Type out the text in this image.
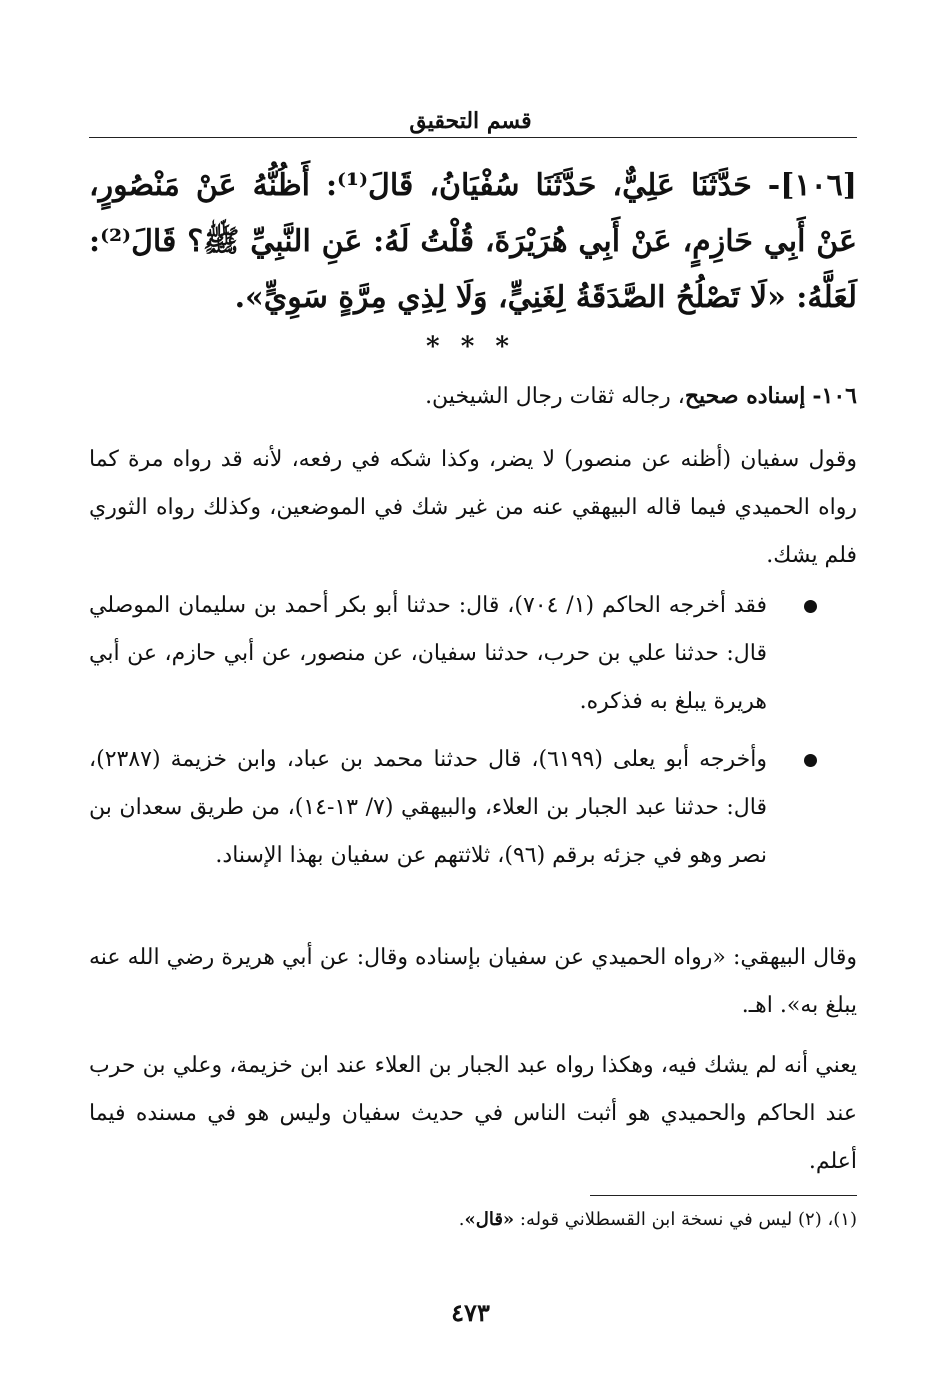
قسم التحقيق
[١٠٦]- حَدَّثَنَا عَلِيٌّ، حَدَّثَنَا سُفْيَانُ، قَالَ⁽¹⁾: أَظُنُّهُ عَنْ مَنْصُورٍ، عَنْ أَبِي حَازِمٍ، عَنْ أَبِي هُرَيْرَةَ، قُلْتُ لَهُ: عَنِ النَّبِيِّ ﷺ؟ قَالَ⁽²⁾: لَعَلَّهُ: «لَا تَصْلُحُ الصَّدَقَةُ لِغَنِيٍّ، وَلَا لِذِي مِرَّةٍ سَوِيٍّ».
* * *
١٠٦- إسناده صحيح، رجاله ثقات رجال الشيخين.
وقول سفيان (أظنه عن منصور) لا يضر، وكذا شكه في رفعه، لأنه قد رواه مرة كما رواه الحميدي فيما قاله البيهقي عنه من غير شك في الموضعين، وكذلك رواه الثوري فلم يشك.
فقد أخرجه الحاكم (١/ ٧٠٤)، قال: حدثنا أبو بكر أحمد بن سليمان الموصلي قال: حدثنا علي بن حرب، حدثنا سفيان، عن منصور، عن أبي حازم، عن أبي هريرة يبلغ به فذكره.
وأخرجه أبو يعلى (٦١٩٩)، قال حدثنا محمد بن عباد، وابن خزيمة (٢٣٨٧)، قال: حدثنا عبد الجبار بن العلاء، والبيهقي (٧/ ١٣-١٤)، من طريق سعدان بن نصر وهو في جزئه برقم (٩٦)، ثلاثتهم عن سفيان بهذا الإسناد.
وقال البيهقي: «رواه الحميدي عن سفيان بإسناده وقال: عن أبي هريرة رضي الله عنه يبلغ به». اهـ.
يعني أنه لم يشك فيه، وهكذا رواه عبد الجبار بن العلاء عند ابن خزيمة، وعلي بن حرب عند الحاكم والحميدي هو أثبت الناس في حديث سفيان وليس هو في مسنده فيما أعلم.
(١)، (٢) ليس في نسخة ابن القسطلاني قوله: «قال».
٤٧٣
